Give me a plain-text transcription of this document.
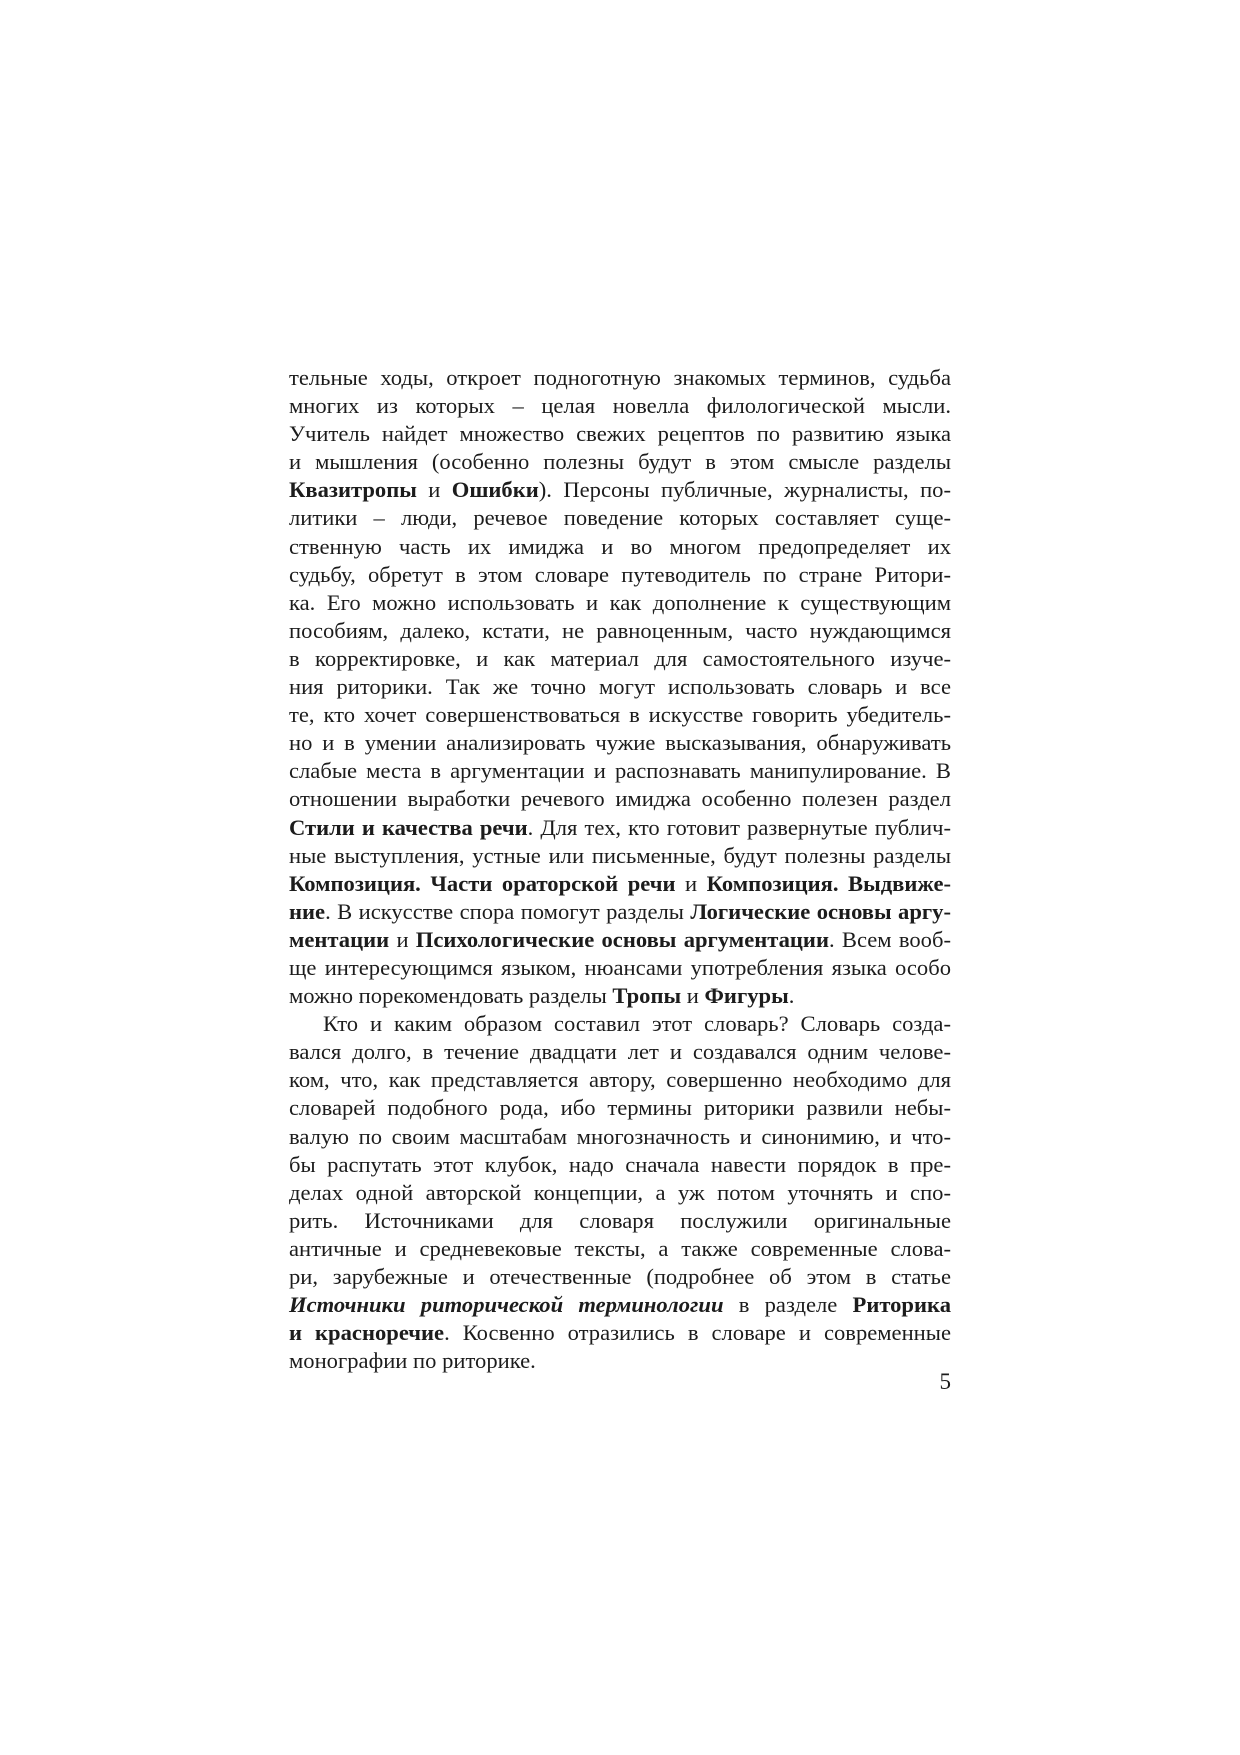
тельные ходы, откроет подноготную знакомых терминов, судьба
многих из которых – целая новелла филологической мысли.
Учитель найдет множество свежих рецептов по развитию языка
и мышления (особенно полезны будут в этом смысле разделы
Квазитропы и Ошибки). Персоны публичные, журналисты, по-
литики – люди, речевое поведение которых составляет суще-
ственную часть их имиджа и во многом предопределяет их
судьбу, обретут в этом словаре путеводитель по стране Ритори-
ка. Его можно использовать и как дополнение к существующим
пособиям, далеко, кстати, не равноценным, часто нуждающимся
в корректировке, и как материал для самостоятельного изуче-
ния риторики. Так же точно могут использовать словарь и все
те, кто хочет совершенствоваться в искусстве говорить убедитель-
но и в умении анализировать чужие высказывания, обнаруживать
слабые места в аргументации и распознавать манипулирование. В
отношении выработки речевого имиджа особенно полезен раздел
Стили и качества речи. Для тех, кто готовит развернутые публич-
ные выступления, устные или письменные, будут полезны разделы
Композиция. Части ораторской речи и Композиция. Выдвиже-
ние. В искусстве спора помогут разделы Логические основы аргу-
ментации и Психологические основы аргументации. Всем вооб-
ще интересующимся языком, нюансами употребления языка особо
можно порекомендовать разделы Тропы и Фигуры.
Кто и каким образом составил этот словарь? Словарь созда-
вался долго, в течение двадцати лет и создавался одним челове-
ком, что, как представляется автору, совершенно необходимо для
словарей подобного рода, ибо термины риторики развили небы-
валую по своим масштабам многозначность и синонимию, и что-
бы распутать этот клубок, надо сначала навести порядок в пре-
делах одной авторской концепции, а уж потом уточнять и спо-
рить. Источниками для словаря послужили оригинальные
античные и средневековые тексты, а также современные слова-
ри, зарубежные и отечественные (подробнее об этом в статье
Источники риторической терминологии в разделе Риторика
и красноречие. Косвенно отразились в словаре и современные
монографии по риторике.
5
